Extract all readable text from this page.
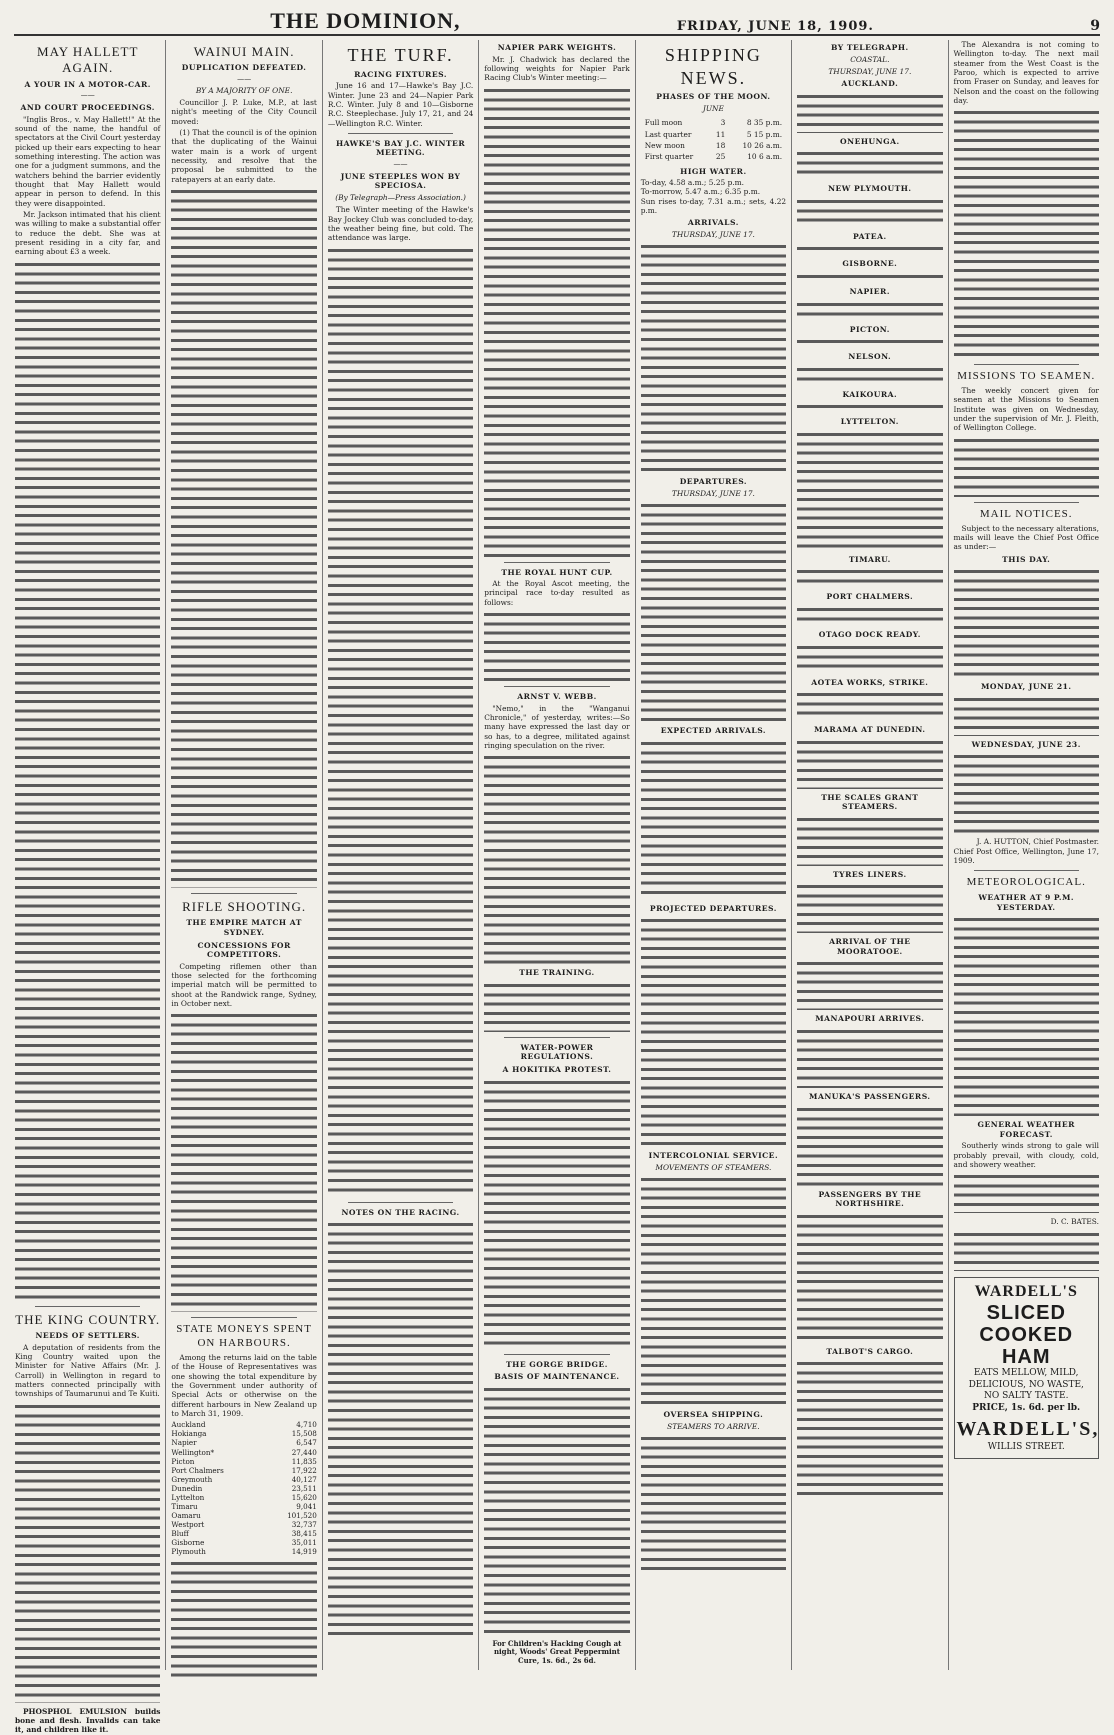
THE DOMINION,	FRIDAY, JUNE 18, 1909.	9
MAY HALLETT AGAIN.
A YOUR IN A MOTOR-CAR.
——
AND COURT PROCEEDINGS.

"Inglis Bros., v. May Hallett!" At the sound of the name, the handful of spectators at the Civil Court yesterday picked up their ears expecting to hear something interesting. The action was one for a judgment summons, and the watchers behind the barrier evidently thought that May Hallett would appear in person to defend. In this they were disappointed.

Mr. Jackson intimated that his client was willing to make a substantial offer to reduce the debt. She was at present residing in a city far, and earning about £3 a week.

THE KING COUNTRY.
NEEDS OF SETTLERS.

A deputation of residents from the King Country waited upon the Minister for Native Affairs (Mr. J. Carroll) in Wellington in regard to matters connected principally with townships of Taumarunui and Te Kuiti.

PHOSPHOL EMULSION builds bone and flesh. Invalids can take it, and children like it.

WAINUI MAIN.
DUPLICATION DEFEATED.
——
BY A MAJORITY OF ONE.

Councillor J. P. Luke, M.P., at last night's meeting of the City Council moved:

(1) That the council is of the opinion that the duplicating of the Wainui water main is a work of urgent necessity, and resolve that the proposal be submitted to the ratepayers at an early date.

RIFLE SHOOTING.
THE EMPIRE MATCH AT SYDNEY.
CONCESSIONS FOR COMPETITORS.

Competing riflemen other than those selected for the forthcoming imperial match will be permitted to shoot at the Randwick range, Sydney, in October next.

STATE MONEYS SPENT ON HARBOURS.

Among the returns laid on the table of the House of Representatives was one showing the total expenditure by the Government under authority of Special Acts or otherwise on the different harbours in New Zealand up to March 31, 1909.

Auckland	4,710
Hokianga	15,508
Napier	6,547
Wellington*	27,440
Picton	11,835
Port Chalmers	17,922
Greymouth	40,127
Dunedin	23,511
Lyttelton	15,620
Timaru	9,041
Oamaru	101,520
Westport	32,737
Bluff	38,415
Gisborne	35,011
Plymouth	14,919
THE TURF.
RACING FIXTURES.

June 16 and 17—Hawke's Bay J.C. Winter. June 23 and 24—Napier Park R.C. Winter. July 8 and 10—Gisborne R.C. Steeplechase. July 17, 21, and 24—Wellington R.C. Winter.

HAWKE'S BAY J.C. WINTER MEETING.
——
JUNE STEEPLES WON BY SPECIOSA.
(By Telegraph—Press Association.)

The Winter meeting of the Hawke's Bay Jockey Club was concluded to-day, the weather being fine, but cold. The attendance was large.

NOTES ON THE RACING.
NAPIER PARK WEIGHTS.

Mr. J. Chadwick has declared the following weights for Napier Park Racing Club's Winter meeting:—

THE ROYAL HUNT CUP.

At the Royal Ascot meeting, the principal race to-day resulted as follows:

ARNST V. WEBB.

"Nemo," in the "Wanganui Chronicle," of yesterday, writes:—So many have expressed the last day or so has, to a degree, militated against ringing speculation on the river.

THE TRAINING.
WATER-POWER REGULATIONS.
A HOKITIKA PROTEST.
THE GORGE BRIDGE.
BASIS OF MAINTENANCE.
For Children's Hacking Cough at night, Woods' Great Peppermint Cure, 1s. 6d., 2s 6d.
SHIPPING NEWS.
PHASES OF THE MOON.
JUNE
Full moon	3	8 35 p.m.
Last quarter	11	5 15 p.m.
New moon	18	10 26 a.m.
First quarter	25	10 6 a.m.
HIGH WATER.
To-day, 4.58 a.m.; 5.25 p.m.
To-morrow, 5.47 a.m.; 6.35 p.m.
Sun rises to-day, 7.31 a.m.; sets, 4.22 p.m.
ARRIVALS.
THURSDAY, JUNE 17.
DEPARTURES.
THURSDAY, JUNE 17.
EXPECTED ARRIVALS.
PROJECTED DEPARTURES.
INTERCOLONIAL SERVICE.
MOVEMENTS OF STEAMERS.
OVERSEA SHIPPING.
STEAMERS TO ARRIVE.
BY TELEGRAPH.
COASTAL.
THURSDAY, JUNE 17.
AUCKLAND.
ONEHUNGA.
NEW PLYMOUTH.
PATEA.
GISBORNE.
NAPIER.
PICTON.
NELSON.
KAIKOURA.
LYTTELTON.
TIMARU.
PORT CHALMERS.
OTAGO DOCK READY.
AOTEA WORKS, STRIKE.
MARAMA AT DUNEDIN.
THE SCALES GRANT STEAMERS.
TYRES LINERS.
ARRIVAL OF THE MOORATOOE.
MANAPOURI ARRIVES.
MANUKA'S PASSENGERS.
PASSENGERS BY THE NORTHSHIRE.
TALBOT'S CARGO.

The Alexandra is not coming to Wellington to-day. The next mail steamer from the West Coast is the Paroo, which is expected to arrive from Fraser on Sunday, and leaves for Nelson and the coast on the following day.

MISSIONS TO SEAMEN.

The weekly concert given for seamen at the Missions to Seamen Institute was given on Wednesday, under the supervision of Mr. J. Fleith, of Wellington College.

MAIL NOTICES.

Subject to the necessary alterations, mails will leave the Chief Post Office as under:—

THIS DAY.
MONDAY, JUNE 21.
WEDNESDAY, JUNE 23.
J. A. HUTTON, Chief Postmaster.
Chief Post Office, Wellington, June 17, 1909.
METEOROLOGICAL.
WEATHER AT 9 P.M. YESTERDAY.
GENERAL WEATHER FORECAST.

Southerly winds strong to gale will probably prevail, with cloudy, cold, and showery weather.

D. C. BATES.
WARDELL'S
SLICED COOKED HAM
EATS MELLOW, MILD,
DELICIOUS, NO WASTE,
NO SALTY TASTE.
PRICE, 1s. 6d. per lb.
WARDELL'S,
WILLIS STREET.
